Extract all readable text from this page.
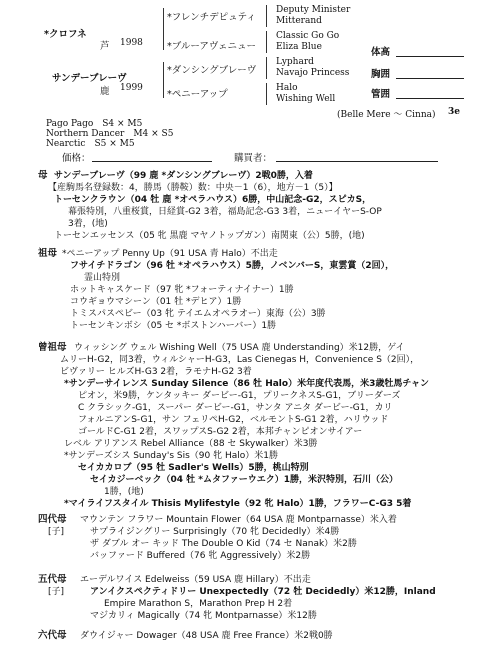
*クロフネ
芦 1998
サンデーブレーヴ
鹿 1999
*フレンチデピュティ
*ブルーアヴェニュー
*ダンシングブレーヴ
*ペニーアップ
Deputy Minister
Mitterand
Classic Go Go
Eliza Blue
Lyphard
Navajo Princess
Halo
Wishing Well
体高
胸囲
管囲
(Belle Mere ～ Cinna) 3e
Pago Pago　S4 × M5
Northern Dancer　M4 × S5
Nearctic　S5 × M5
価格：	購買者：
母 サンデーブレーヴ（99 鹿 *ダンシングブレーヴ）2戦0勝，入着
【産駒馬名登録数：4，勝馬（勝鞍）数：中央－1（6），地方－1（5）】
トーセンクラウン（04 牡 鹿 *オペラハウス）6勝，中山記念-G2，スピカS，
幕張特別，八重桜賞，日経賞-G2 3着，福島記念-G3 3着，ニューイヤーS-OP
3着，(地)
トーセンエッセンス（05 牝 黒鹿 マヤノトップガン）南関東（公）5勝，(地)
祖母 *ペニーアップ Penny Up（91 USA 青 Halo）不出走
フサイチドラゴン（96 牡 *オペラハウス）5勝，ノベンバーS，東雲賞（2回），
霊山特別
ホットキャスケード（97 牝 *フォーティナイナー）1勝
コウギョウマシーン（01 牡 *デヒア）1勝
トミスパスペビー（03 牝 テイエムオペラオー）東海（公）3勝
トーセンキンボシ（05 セ *ボストンハーバー）1勝
曾祖母 ウィッシング ウェル Wishing Well（75 USA 鹿 Understanding）米12勝，ゲイ
ムリーH-G2，同3着，ウィルシャーH-G3，Las Cienegas H，Convenience S（2回），
ビヴァリー ヒルズH-G3 2着，ラモナH-G2 3着
*サンデーサイレンス Sunday Silence（86 牡 Halo）米年度代表馬，米3歳牡馬チャン
ピオン，米9勝，ケンタッキー ダービー-G1，プリークネスS-G1，ブリーダーズ
C クラシック-G1，スーパー ダービー-G1，サンタ アニタ ダービー-G1，カリ
フォルニアンS-G1，サン フェリペH-G2，ベルモントS-G1 2着，ハリウッド
ゴールドC-G1 2着，スワップスS-G2 2着，本邦チャンピオンサイアー
レベル アリアンス Rebel Alliance（88 セ Skywalker）米3勝
*サンデーズシス Sunday's Sis（90 牝 Halo）米1勝
セイカカロブ（95 牡 Sadler's Wells）5勝，桃山特別
セイカジーベック（04 牡 *ムタファーウエク）1勝，米沢特別，石川（公）
1勝，(地)
*マイライフスタイル Thisis Mylifestyle（92 牝 Halo）1勝，フラワーC-G3 5着
四代母
[子]
マウンテン フラワー Mountain Flower（64 USA 鹿 Montparnasse）米入着
サプライジングリー Surprisingly（70 牝 Decidedly）米4勝
ザ ダブル オー キッド The Double O Kid（74 セ Nanak）米2勝
バッファード Buffered（76 牝 Aggressively）米2勝
五代母
[子]
エーデルワイス Edelweiss（59 USA 鹿 Hillary）不出走
アンイクスペクティドリー Unexpectedly（72 牡 Decidedly）米12勝，Inland
Empire Marathon S，Marathon Prep H 2着
マジカリィ Magically（74 牝 Montparnasse）米12勝
六代母 ダウイジャー Dowager（48 USA 鹿 Free France）米2戦0勝
